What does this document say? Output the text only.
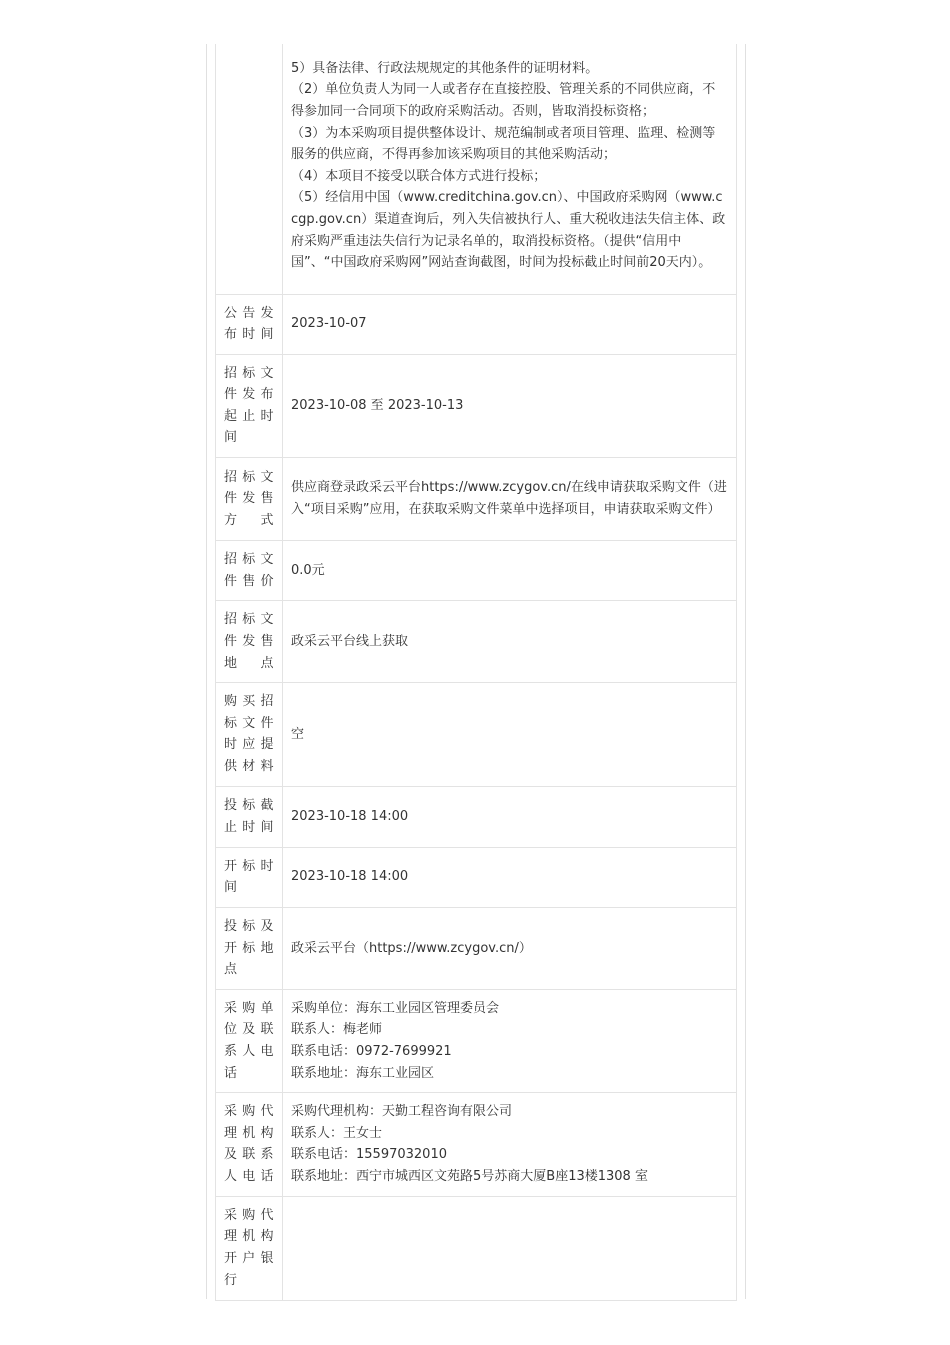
	5）具备法律、行政法规规定的其他条件的证明材料。
（2）单位负责人为同一人或者存在直接控股、管理关系的不同供应商，不得参加同一合同项下的政府采购活动。否则，皆取消投标资格；
（3）为本采购项目提供整体设计、规范编制或者项目管理、监理、检测等服务的供应商，不得再参加该采购项目的其他采购活动；
（4）本项目不接受以联合体方式进行投标；
（5）经信用中国（www.creditchina.gov.cn）、中国政府采购网（www.ccgp.gov.cn）渠道查询后，列入失信被执行人、重大税收违法失信主体、政府采购严重违法失信行为记录名单的，取消投标资格。（提供“信用中国”、“中国政府采购网”网站查询截图，时间为投标截止时间前20天内）。

公告发布时间	2023-10-07
招标文件发布起止时间	2023-10-08 至 2023-10-13
招标文件发售方式	供应商登录政采云平台https://www.zcygov.cn/在线申请获取采购文件（进入“项目采购”应用，在获取采购文件菜单中选择项目，申请获取采购文件）
招标文件售价	0.0元
招标文件发售地点	政采云平台线上获取
购买招标文件时应提供材料	空
投标截止时间	2023-10-18 14:00
开标时间	2023-10-18 14:00
投标及开标地点	政采云平台（https://www.zcygov.cn/）
采购单位及联系人电话	采购单位：海东工业园区管理委员会
联系人：梅老师
联系电话：0972-7699921
联系地址：海东工业园区

采购代理机构及联系人电话	采购代理机构：天勤工程咨询有限公司
联系人：王女士
联系电话：15597032010
联系地址：西宁市城西区文苑路5号苏商大厦B座13楼1308 室

采购代理机构开户银行	
